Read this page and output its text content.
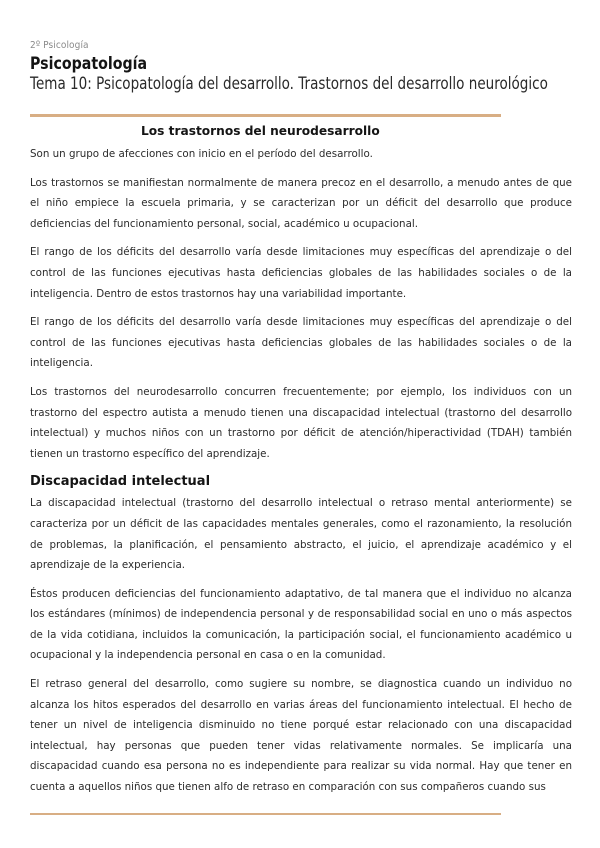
2º Psicología
Psicopatología
Tema 10: Psicopatología del desarrollo. Trastornos del desarrollo neurológico
Los trastornos del neurodesarrollo

Son un grupo de afecciones con inicio en el período del desarrollo.

Los trastornos se manifiestan normalmente de manera precoz en el desarrollo, a menudo antes de que el niño empiece la escuela primaria, y se caracterizan por un déficit del desarrollo que produce deficiencias del funcionamiento personal, social, académico u ocupacional.

El rango de los déficits del desarrollo varía desde limitaciones muy específicas del aprendizaje o del control de las funciones ejecutivas hasta deficiencias globales de las habilidades sociales o de la inteligencia. Dentro de estos trastornos hay una variabilidad importante.

El rango de los déficits del desarrollo varía desde limitaciones muy específicas del aprendizaje o del control de las funciones ejecutivas hasta deficiencias globales de las habilidades sociales o de la inteligencia.

Los trastornos del neurodesarrollo concurren frecuentemente; por ejemplo, los individuos con un trastorno del espectro autista a menudo tienen una discapacidad intelectual (trastorno del desarrollo intelectual) y muchos niños con un trastorno por déficit de atención/hiperactividad (TDAH) también tienen un trastorno específico del aprendizaje.

Discapacidad intelectual

La discapacidad intelectual (trastorno del desarrollo intelectual o retraso mental anteriormente) se caracteriza por un déficit de las capacidades mentales generales, como el razonamiento, la resolución de problemas, la planificación, el pensamiento abstracto, el juicio, el aprendizaje académico y el aprendizaje de la experiencia.

Éstos producen deficiencias del funcionamiento adaptativo, de tal manera que el individuo no alcanza los estándares (mínimos) de independencia personal y de responsabilidad social en uno o más aspectos de la vida cotidiana, incluidos la comunicación, la participación social, el funcionamiento académico u ocupacional y la independencia personal en casa o en la comunidad.

El retraso general del desarrollo, como sugiere su nombre, se diagnostica cuando un individuo no alcanza los hitos esperados del desarrollo en varias áreas del funcionamiento intelectual. El hecho de tener un nivel de inteligencia disminuido no tiene porqué estar relacionado con una discapacidad intelectual, hay personas que pueden tener vidas relativamente normales. Se implicaría una discapacidad cuando esa persona no es independiente para realizar su vida normal. Hay que tener en cuenta a aquellos niños que tienen alfo de retraso en comparación con sus compañeros cuando sus
